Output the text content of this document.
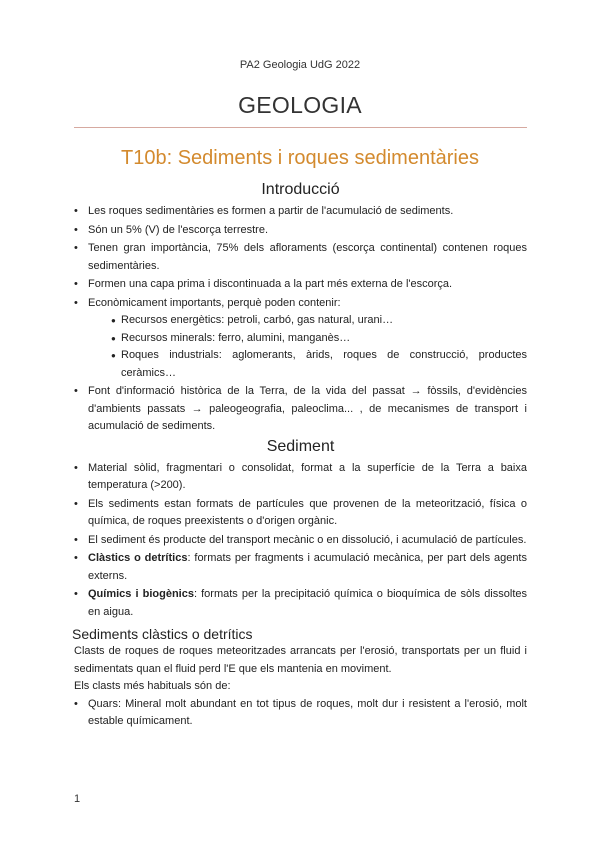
PA2 Geologia UdG 2022
GEOLOGIA
T10b: Sediments i roques sedimentàries
Introducció
• Les roques sedimentàries es formen a partir de l'acumulació de sediments.
• Són un 5% (V) de l'escorça terrestre.
• Tenen gran importància, 75% dels afloraments (escorça continental) contenen roques sedimentàries.
• Formen una capa prima i discontinuada a la part més externa de l'escorça.
• Econòmicament importants, perquè poden contenir:
● Recursos energètics: petroli, carbó, gas natural, urani…
● Recursos minerals: ferro, alumini, manganès…
● Roques industrials: aglomerants, àrids, roques de construcció, productes ceràmics…
• Font d'informació històrica de la Terra, de la vida del passat → fòssils, d'evidències d'ambients passats → paleogeografia, paleoclima... , de mecanismes de transport i acumulació de sediments.
Sediment
• Material sòlid, fragmentari o consolidat, format a la superfície de la Terra a baixa temperatura (>200).
• Els sediments estan formats de partícules que provenen de la meteorització, física o química, de roques preexistents o d'origen orgànic.
• El sediment és producte del transport mecànic o en dissolució, i acumulació de partícules.
• Clàstics o detrítics: formats per fragments i acumulació mecànica, per part dels agents externs.
• Químics i biogènics: formats per la precipitació química o bioquímica de sòls dissoltes en aigua.
Sediments clàstics o detrítics

Clasts de roques de roques meteoritzades arrancats per l'erosió, transportats per un fluid i sedimentats quan el fluid perd l'E que els mantenia en moviment.

Els clasts més habituals són de:

• Quars: Mineral molt abundant en tot tipus de roques, molt dur i resistent a l'erosió, molt estable químicament.
1
